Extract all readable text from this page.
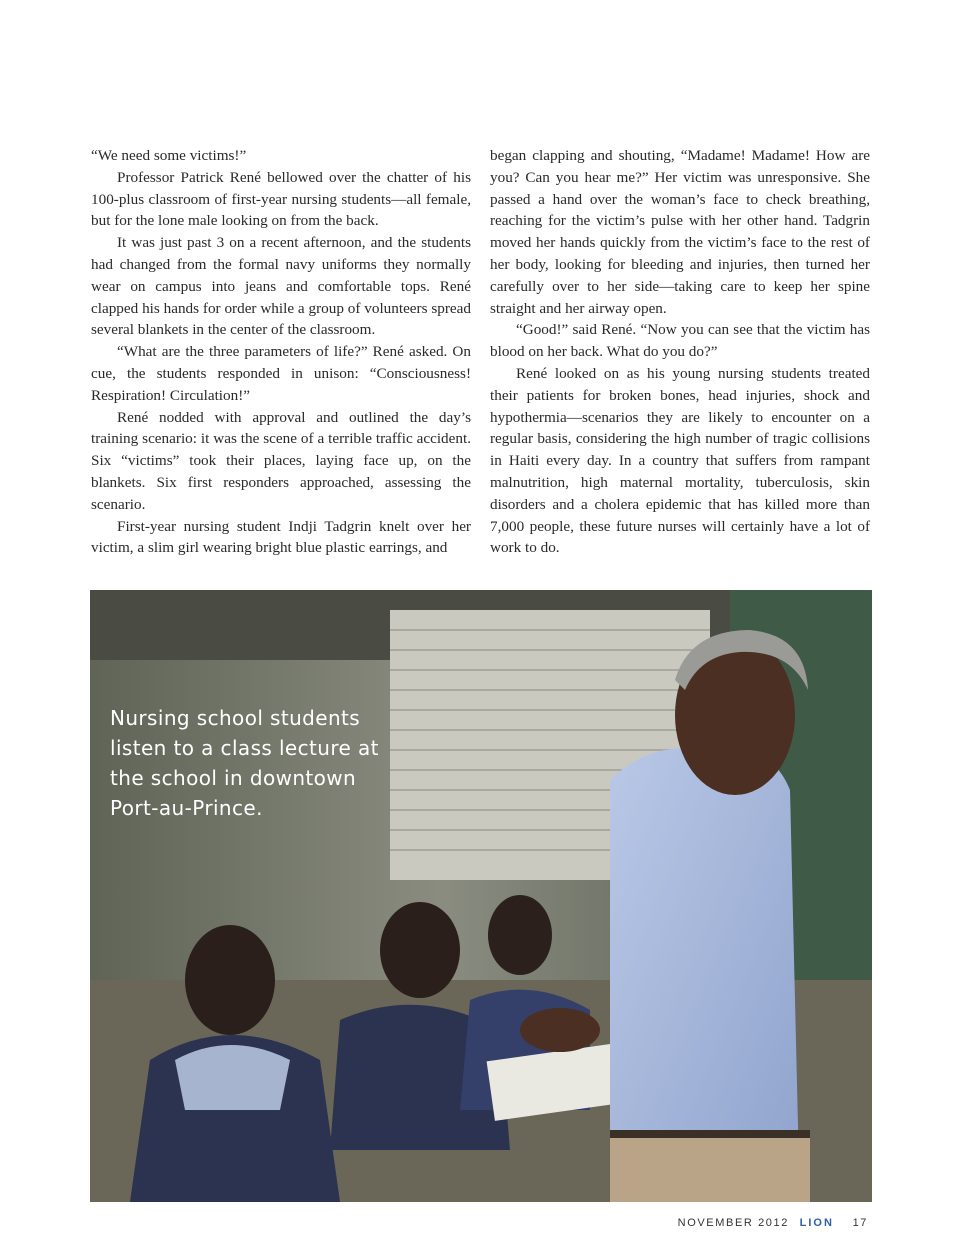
“We need some victims!”

Professor Patrick René bellowed over the chatter of his 100-plus classroom of first-year nursing students—all female, but for the lone male looking on from the back.

It was just past 3 on a recent afternoon, and the students had changed from the formal navy uniforms they normally wear on campus into jeans and comfortable tops. René clapped his hands for order while a group of volunteers spread several blankets in the center of the classroom.

“What are the three parameters of life?” René asked. On cue, the students responded in unison: “Consciousness! Respiration! Circulation!”

René nodded with approval and outlined the day’s training scenario: it was the scene of a terrible traffic accident. Six “victims” took their places, laying face up, on the blankets. Six first responders approached, assessing the scenario.

First-year nursing student Indji Tadgrin knelt over her victim, a slim girl wearing bright blue plastic earrings, and

began clapping and shouting, “Madame! Madame! How are you? Can you hear me?” Her victim was unresponsive. She passed a hand over the woman’s face to check breathing, reaching for the victim’s pulse with her other hand. Tadgrin moved her hands quickly from the victim’s face to the rest of her body, looking for bleeding and injuries, then turned her carefully over to her side—taking care to keep her spine straight and her airway open.

“Good!” said René. “Now you can see that the victim has blood on her back. What do you do?”

René looked on as his young nursing students treated their patients for broken bones, head injuries, shock and hypothermia—scenarios they are likely to encounter on a regular basis, considering the high number of tragic collisions in Haiti every day. In a country that suffers from rampant malnutrition, high maternal mortality, tuberculosis, skin disorders and a cholera epidemic that has killed more than 7,000 people, these future nurses will certainly have a lot of work to do.

Nursing school students
listen to a class lecture at
the school in downtown
Port-au-Prince.
NOVEMBER 2012 LION 17
